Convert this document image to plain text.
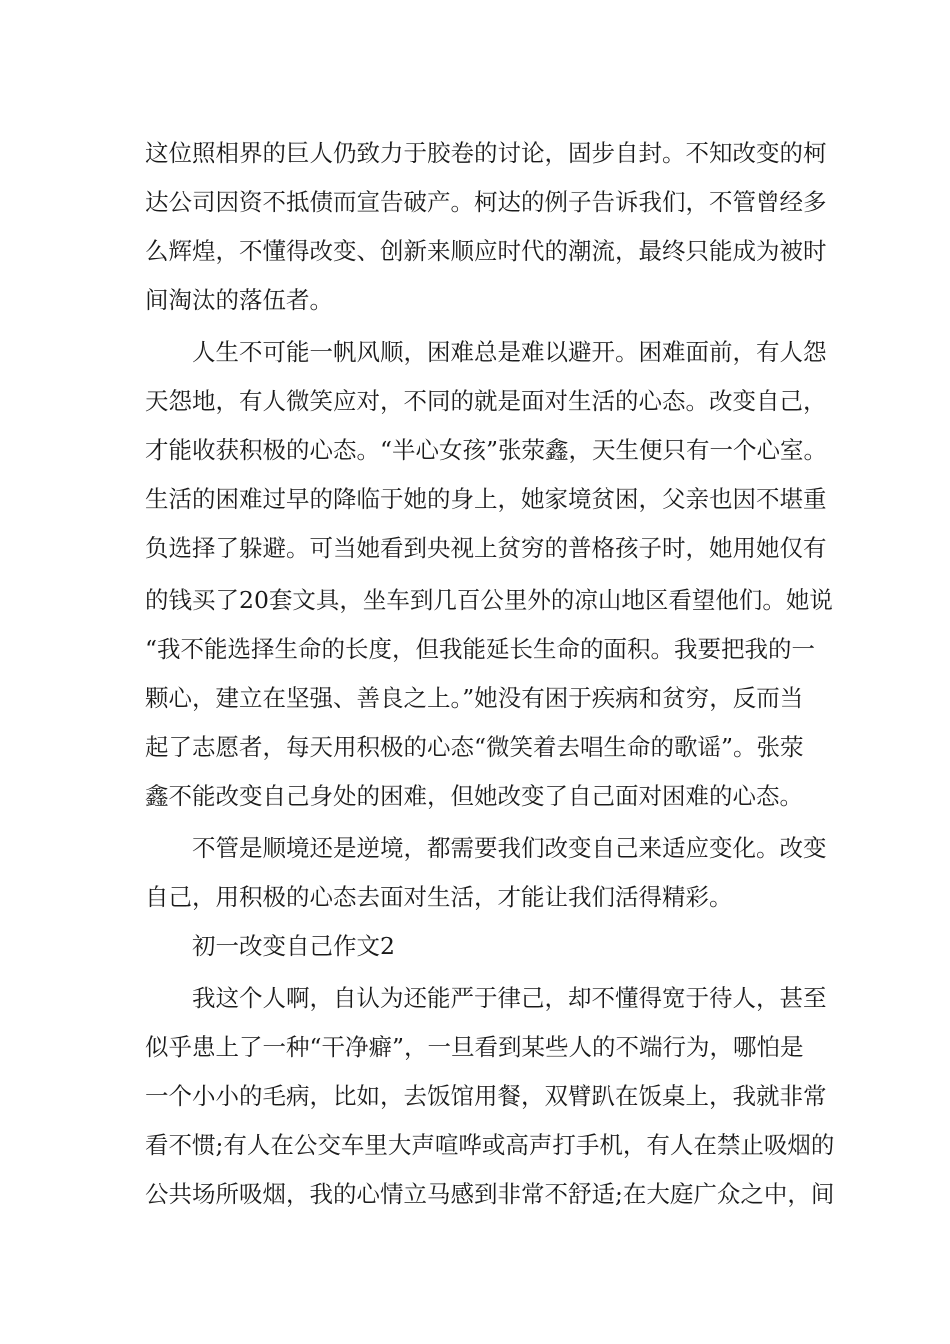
这位照相界的巨人仍致力于胶卷的讨论，固步自封。不知改变的柯
达公司因资不抵债而宣告破产。柯达的例子告诉我们，不管曾经多
么辉煌，不懂得改变、创新来顺应时代的潮流，最终只能成为被时
间淘汰的落伍者。
人生不可能一帆风顺，困难总是难以避开。困难面前，有人怨
天怨地，有人微笑应对，不同的就是面对生活的心态。改变自己，
才能收获积极的心态。“半心女孩”张荥鑫，天生便只有一个心室。
生活的困难过早的降临于她的身上，她家境贫困，父亲也因不堪重
负选择了躲避。可当她看到央视上贫穷的普格孩子时，她用她仅有
的钱买了20套文具，坐车到几百公里外的凉山地区看望他们。她说
“我不能选择生命的长度，但我能延长生命的面积。我要把我的一
颗心，建立在坚强、善良之上。”她没有困于疾病和贫穷，反而当
起了志愿者，每天用积极的心态“微笑着去唱生命的歌谣”。张荥
鑫不能改变自己身处的困难，但她改变了自己面对困难的心态。
不管是顺境还是逆境，都需要我们改变自己来适应变化。改变
自己，用积极的心态去面对生活，才能让我们活得精彩。
初一改变自己作文2
我这个人啊，自认为还能严于律己，却不懂得宽于待人，甚至
似乎患上了一种“干净癖”，一旦看到某些人的不端行为，哪怕是
一个小小的毛病，比如，去饭馆用餐，双臂趴在饭桌上，我就非常
看不惯;有人在公交车里大声喧哗或高声打手机，有人在禁止吸烟的
公共场所吸烟，我的心情立马感到非常不舒适;在大庭广众之中，间
